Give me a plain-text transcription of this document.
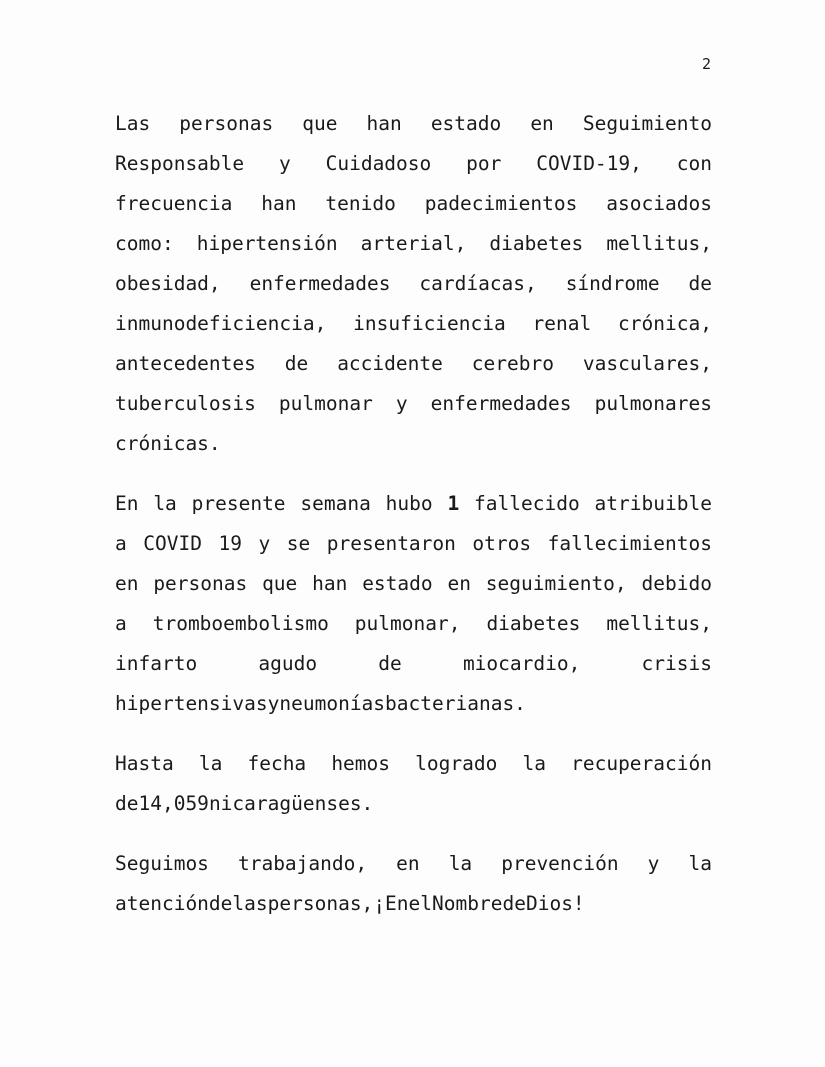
2
Las personas que han estado en Seguimiento
Responsable y Cuidadoso por COVID-19, con
frecuencia han tenido padecimientos asociados
como: hipertensión arterial, diabetes mellitus,
obesidad, enfermedades cardíacas, síndrome de
inmunodeficiencia, insuficiencia renal crónica,
antecedentes de accidente cerebro vasculares,
tuberculosis pulmonar y enfermedades pulmonares
crónicas.
En la presente semana hubo 1 fallecido atribuible
a COVID 19 y se presentaron otros fallecimientos
en personas que han estado en seguimiento, debido
a tromboembolismo pulmonar, diabetes mellitus,
infarto	agudo	de	miocardio,	crisis
hipertensivas y neumonías bacterianas.
Hasta la fecha hemos logrado la recuperación
de 14,059 nicaragüenses.
Seguimos trabajando, en la prevención y la
atención de las personas, ¡En el Nombre de Dios!
